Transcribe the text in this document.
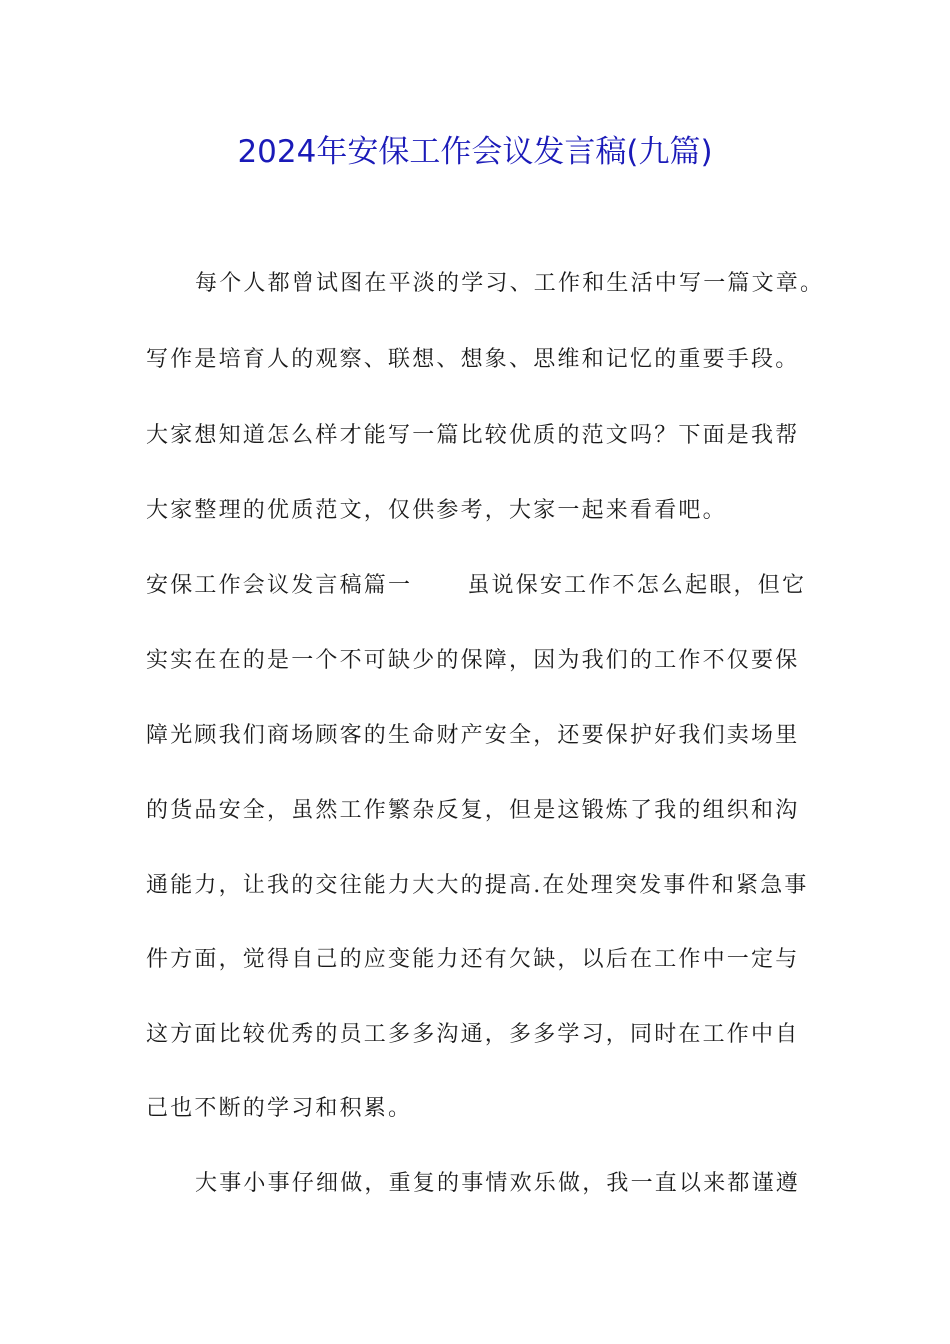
2024年安保工作会议发言稿(九篇)
每个人都曾试图在平淡的学习、工作和生活中写一篇文章。
写作是培育人的观察、联想、想象、思维和记忆的重要手段。
大家想知道怎么样才能写一篇比较优质的范文吗？下面是我帮
大家整理的优质范文，仅供参考，大家一起来看看吧。
安保工作会议发言稿篇一      虽说保安工作不怎么起眼，但它
实实在在的是一个不可缺少的保障，因为我们的工作不仅要保
障光顾我们商场顾客的生命财产安全，还要保护好我们卖场里
的货品安全，虽然工作繁杂反复，但是这锻炼了我的组织和沟
通能力，让我的交往能力大大的提高.在处理突发事件和紧急事
件方面，觉得自己的应变能力还有欠缺，以后在工作中一定与
这方面比较优秀的员工多多沟通，多多学习，同时在工作中自
己也不断的学习和积累。
大事小事仔细做，重复的事情欢乐做，我一直以来都谨遵
